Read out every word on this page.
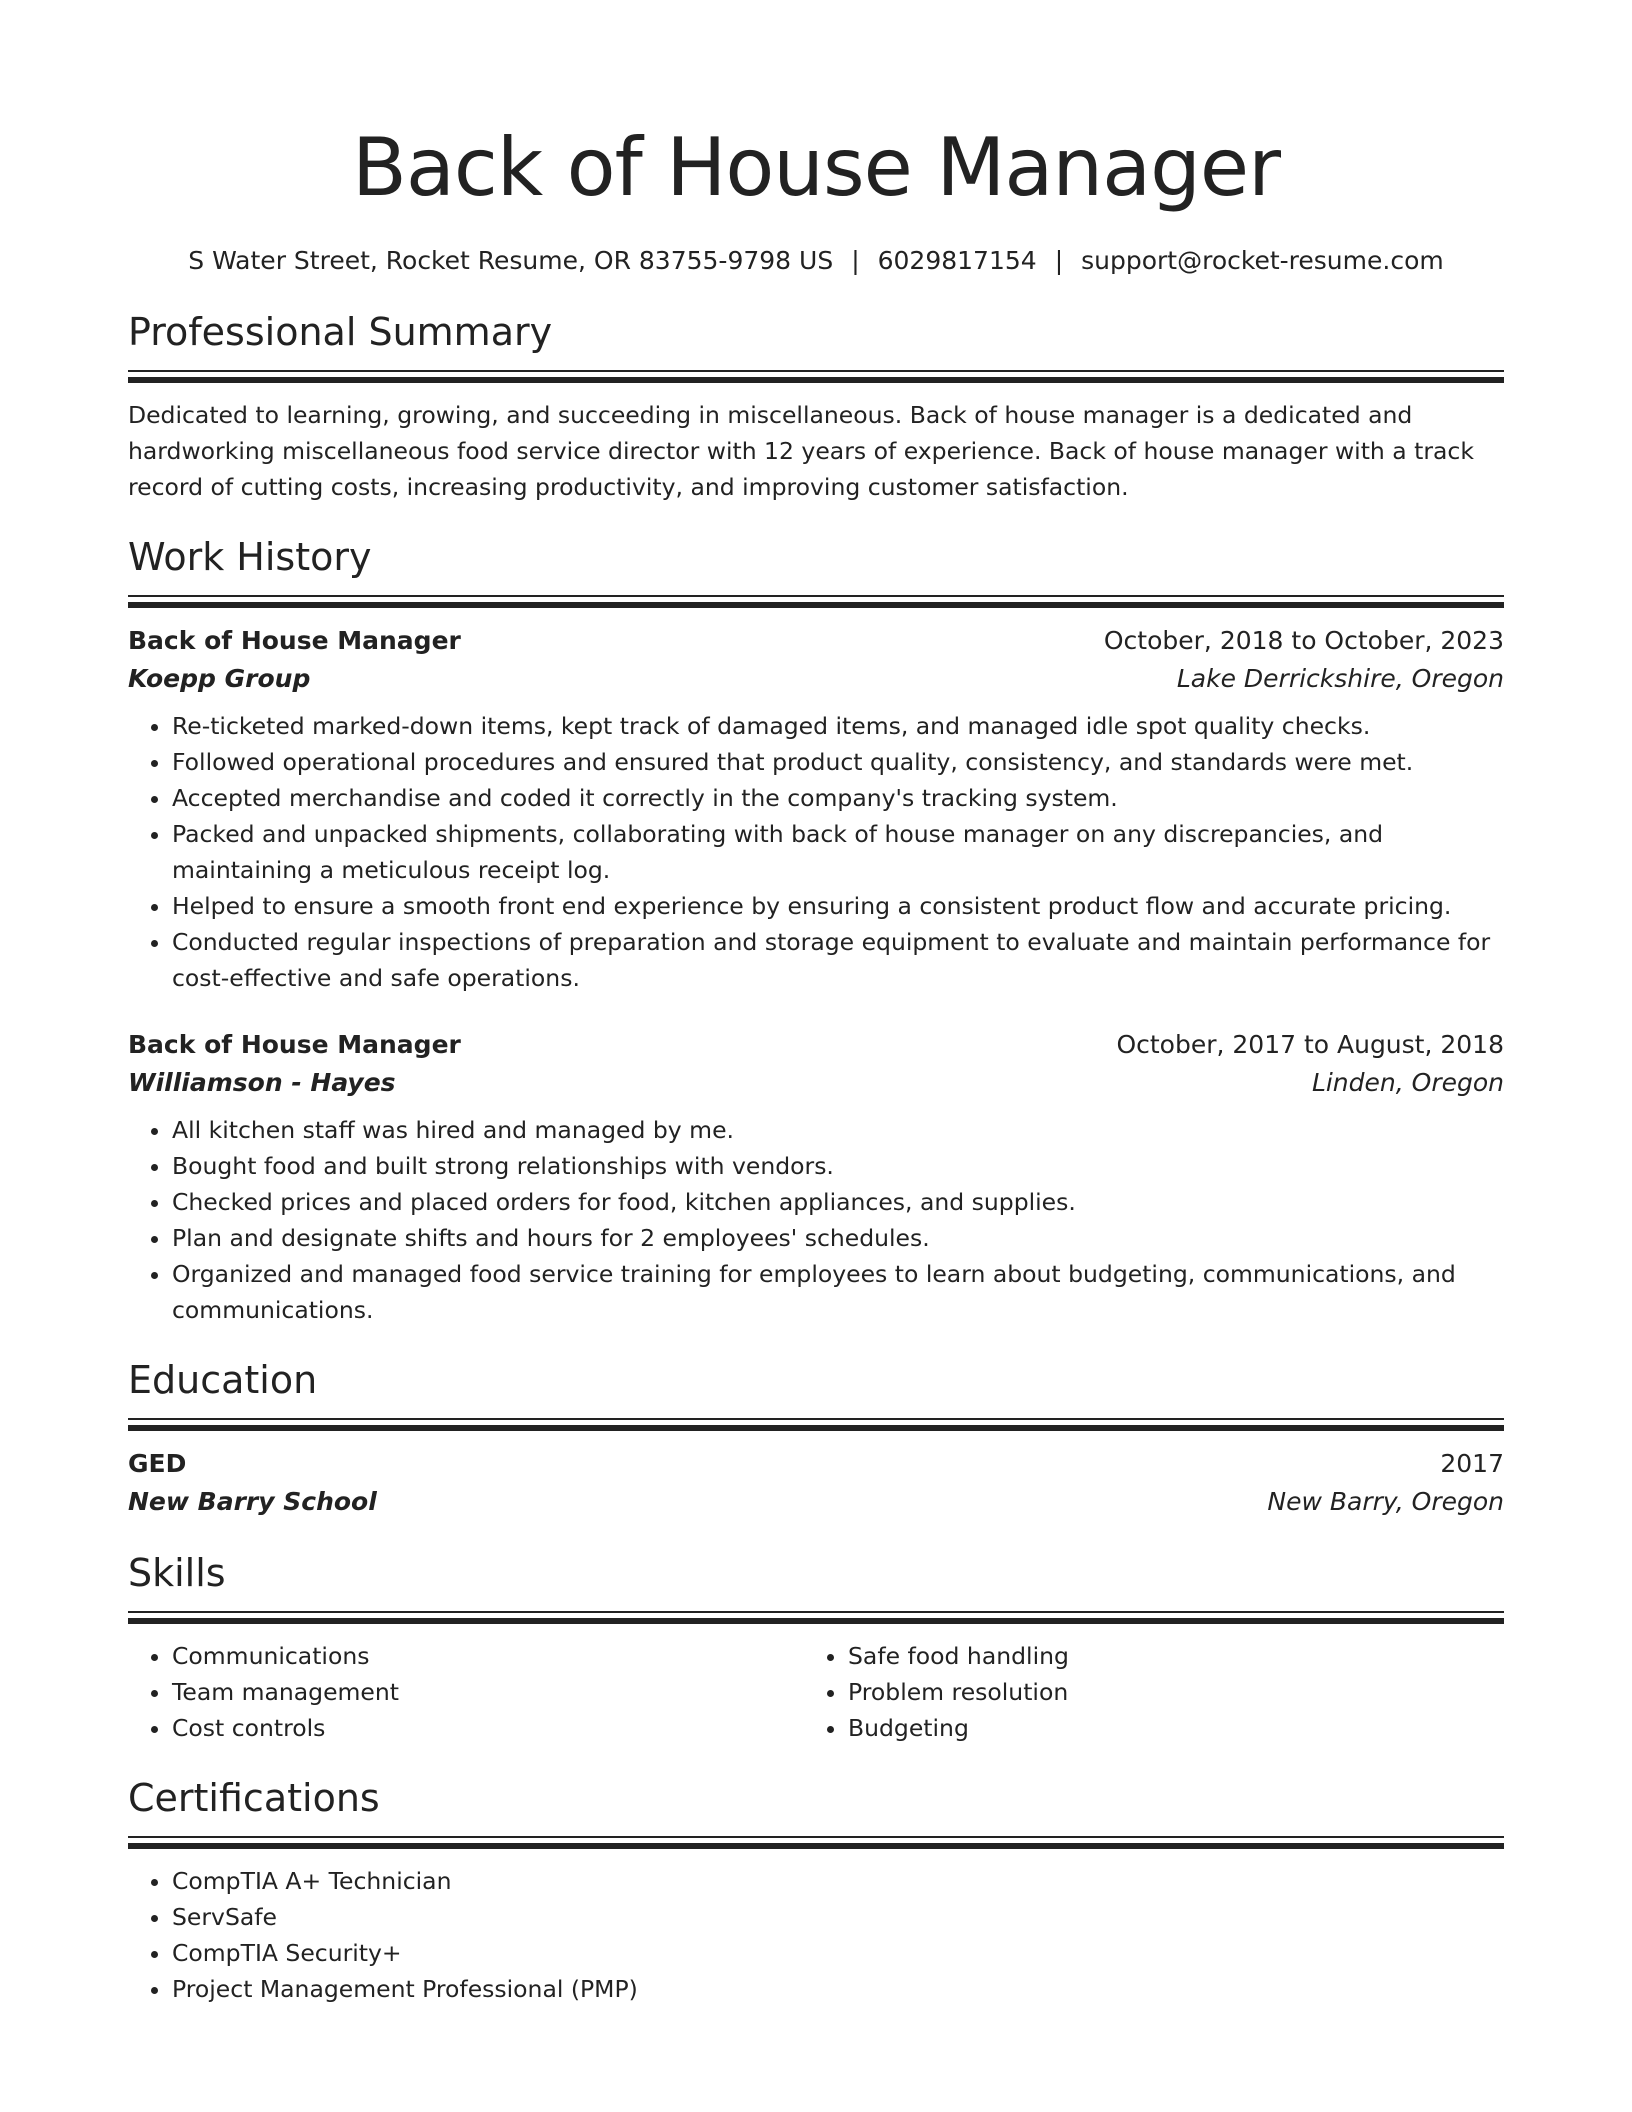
Back of House Manager
S Water Street, Rocket Resume, OR 83755-9798 US | 6029817154 | support@rocket-resume.com
Professional Summary
Dedicated to learning, growing, and succeeding in miscellaneous. Back of house manager is a dedicated and hardworking miscellaneous food service director with 12 years of experience. Back of house manager with a track record of cutting costs, increasing productivity, and improving customer satisfaction.
Work History
Back of House Manager	October, 2018 to October, 2023
Koepp Group	Lake Derrickshire, Oregon
• Re-ticketed marked-down items, kept track of damaged items, and managed idle spot quality checks.
• Followed operational procedures and ensured that product quality, consistency, and standards were met.
• Accepted merchandise and coded it correctly in the company's tracking system.
• Packed and unpacked shipments, collaborating with back of house manager on any discrepancies, and maintaining a meticulous receipt log.
• Helped to ensure a smooth front end experience by ensuring a consistent product flow and accurate pricing.
• Conducted regular inspections of preparation and storage equipment to evaluate and maintain performance for cost-effective and safe operations.
Back of House Manager	October, 2017 to August, 2018
Williamson - Hayes	Linden, Oregon
• All kitchen staff was hired and managed by me.
• Bought food and built strong relationships with vendors.
• Checked prices and placed orders for food, kitchen appliances, and supplies.
• Plan and designate shifts and hours for 2 employees' schedules.
• Organized and managed food service training for employees to learn about budgeting, communications, and communications.
Education
GED	2017
New Barry School	New Barry, Oregon
Skills
• Communications
• Team management
• Cost controls
• Safe food handling
• Problem resolution
• Budgeting
Certifications
• CompTIA A+ Technician
• ServSafe
• CompTIA Security+
• Project Management Professional (PMP)
